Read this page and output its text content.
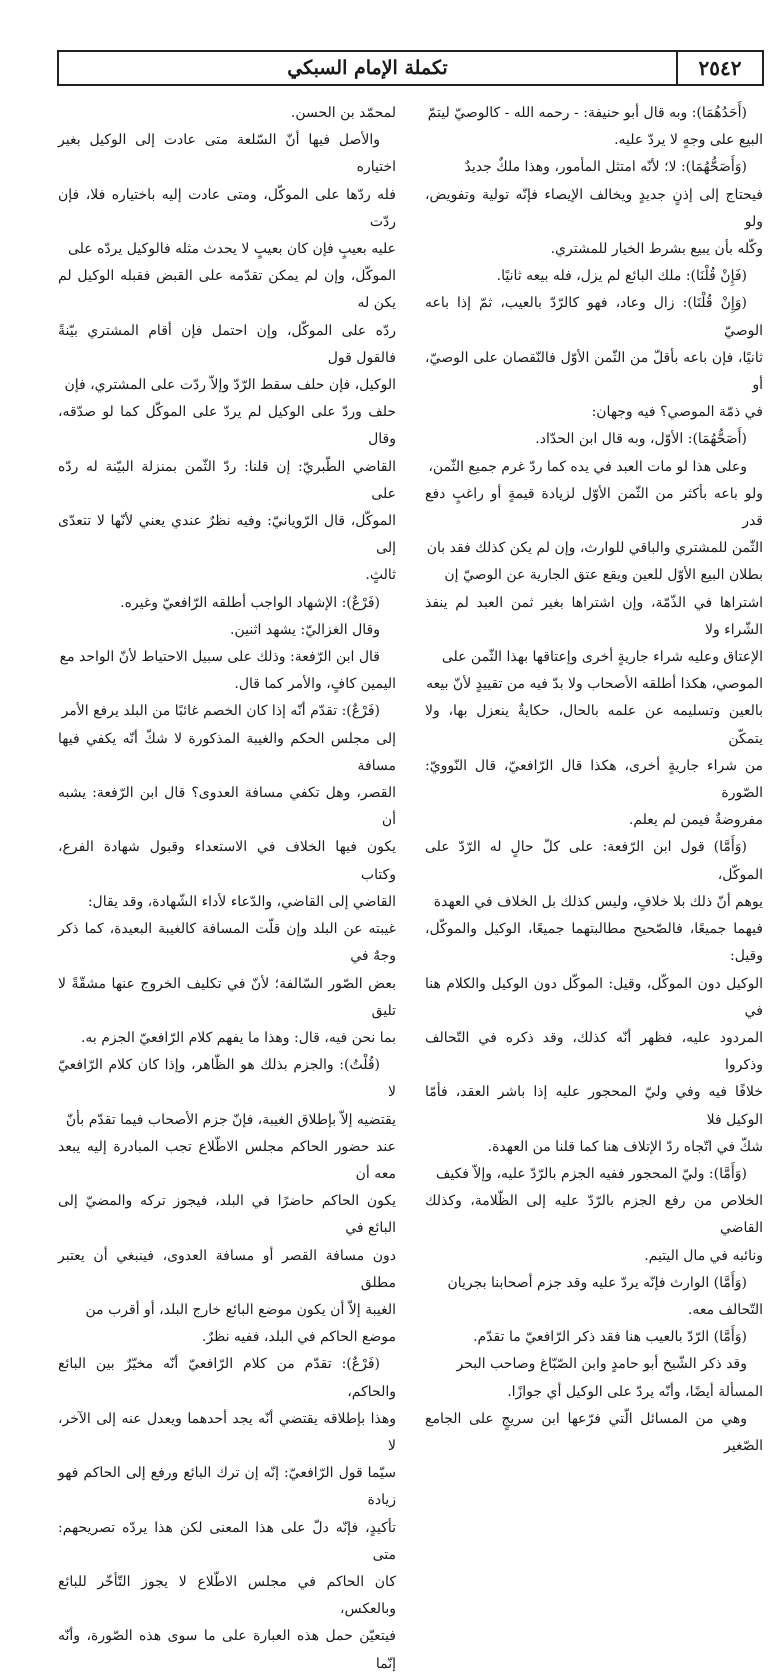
٢٥٤٢
تكملة الإمام السبكي

(أَحَدُهُمَا): وبه قال أبو حنيفة: - رحمه الله - كالوصيّ ليتمّ

البيع على وجهٍ لا يردّ عليه.

(وَأَصَحُّهُمَا): لا؛ لأنّه امتثل المأمور، وهذا ملكٌ جديدٌ

فيحتاج إلى إذنٍ جديدٍ ويخالف الإيصاء فإنّه تولية وتفويض، ولو

وكّله بأن يبيع بشرط الخيار للمشتري.

(فَإِنْ قُلْنَا): ملك البائع لم يزل، فله بيعه ثانيًا.

(وَإِنْ قُلْنَا): زال وعاد، فهو كالرّدّ بالعيب، ثمّ إذا باعه الوصيّ

ثانيًا، فإن باعه بأقلّ من الثّمن الأوّل فالنّقصان على الوصيّ، أو

في ذمّة الموصي؟ فيه وجهان:

(أَصَحُّهُمَا): الأوّل، وبه قال ابن الحدّاد.

وعلى هذا لو مات العبد في يده كما ردّ غرم جميع الثّمن،

ولو باعه بأكثر من الثّمن الأوّل لزيادة قيمةٍ أو راغبٍ دفع قدر

الثّمن للمشتري والباقي للوارث، وإن لم يكن كذلك فقد بان

بطلان البيع الأوّل للعين ويقع عتق الجارية عن الوصيّ إن

اشتراها في الذّمّة، وإن اشتراها بغير ثمن العبد لم ينفذ الشّراء ولا

الإعتاق وعليه شراء جاريةٍ أخرى وإعتاقها بهذا الثّمن على

الموصي، هكذا أطلقه الأصحاب ولا بدّ فيه من تقييدٍ لأنّ بيعه

بالعين وتسليمه عن علمه بالحال، حكايةٌ ينعزل بها، ولا يتمكّن

من شراء جاريةٍ أخرى، هكذا قال الرّافعيّ، قال النّوويّ: الصّورة

مفروضةٌ فيمن لم يعلم.

(وَأَمَّا) قول ابن الرّفعة: على كلّ حالٍ له الرّدّ على الموكّل،

يوهم أنّ ذلك بلا خلافٍ، وليس كذلك بل الخلاف في العهدة

فيهما جميعًا، فالصّحيح مطالبتهما جميعًا، الوكيل والموكّل، وقيل:

الوكيل دون الموكّل، وقيل: الموكّل دون الوكيل والكلام هنا في

المردود عليه، فظهر أنّه كذلك، وقد ذكره في التّحالف وذكروا

خلافًا فيه وفي وليّ المحجور عليه إذا باشر العقد، فأمّا الوكيل فلا

شكّ في اتّجاه ردّ الإتلاف هنا كما قلنا من العهدة.

(وَأَمَّا): وليّ المحجور ففيه الجزم بالرّدّ عليه، وإلاّ فكيف

الخلاص من رفع الجزم بالرّدّ عليه إلى الظّلامة، وكذلك القاضي

ونائبه في مال اليتيم.

(وَأَمَّا) الوارث فإنّه يردّ عليه وقد جزم أصحابنا بجريان

التّحالف معه.

(وَأَمَّا) الرّدّ بالعيب هنا فقد ذكر الرّافعيّ ما تقدّم.

وقد ذكر الشّيخ أبو حامدٍ وابن الصّبّاغ وصاحب البحر

المسألة أيضًا، وأنّه يردّ على الوكيل أي جوازًا.

وهي من المسائل الّتي فرّعها ابن سريجٍ على الجامع الصّغير

لمحمّد بن الحسن.

والأصل فيها أنّ السّلعة متى عادت إلى الوكيل بغير اختياره

فله ردّها على الموكّل، ومتى عادت إليه باختياره فلا، فإن ردّت

عليه بعيبٍ فإن كان بعيبٍ لا يحدث مثله فالوكيل يردّه على

الموكّل، وإن لم يمكن تقدّمه على القبض فقبله الوكيل لم يكن له

ردّه على الموكّل، وإن احتمل فإن أقام المشتري بيّنةً فالقول قول

الوكيل، فإن حلف سقط الرّدّ وإلاّ ردّت على المشتري، فإن

حلف وردّ على الوكيل لم يردّ على الموكّل كما لو صدّقه، وقال

القاضي الطّبريّ: إن قلنا: ردّ الثّمن بمنزلة البيّنة له ردّه على

الموكّل، قال الرّويانيّ: وفيه نظرٌ عندي يعني لأنّها لا تتعدّى إلى

ثالثٍ.

(فَرْعٌ): الإشهاد الواجب أطلقه الرّافعيّ وغيره.

وقال الغزاليّ: يشهد اثنين.

قال ابن الرّفعة: وذلك على سبيل الاحتياط لأنّ الواحد مع

اليمين كافٍ، والأمر كما قال.

(فَرْعٌ): تقدّم أنّه إذا كان الخصم غائبًا من البلد يرفع الأمر

إلى مجلس الحكم والغيبة المذكورة لا شكّ أنّه يكفي فيها مسافة

القصر، وهل تكفي مسافة العدوى؟ قال ابن الرّفعة: يشبه أن

يكون فيها الخلاف في الاستعداء وقبول شهادة الفرع، وكتاب

القاضي إلى القاضي، والدّعاء لأداء الشّهادة، وقد يقال:

غيبته عن البلد وإن قلّت المسافة كالغيبة البعيدة، كما ذكر وجهٌ في

بعض الصّور السّالفة؛ لأنّ في تكليف الخروج عنها مشقّةً لا تليق

بما نحن فيه، قال: وهذا ما يفهم كلام الرّافعيّ الجزم به.

(قُلْتُ): والجزم بذلك هو الظّاهر، وإذا كان كلام الرّافعيّ لا

يقتضيه إلاّ بإطلاق الغيبة، فإنّ جزم الأصحاب فيما تقدّم بأنّ

عند حضور الحاكم مجلس الاطّلاع تجب المبادرة إليه يبعد معه أن

يكون الحاكم حاضرًا في البلد، فيجوز تركه والمضيّ إلى البائع في

دون مسافة القصر أو مسافة العدوى، فينبغي أن يعتبر مطلق

الغيبة إلاّ أن يكون موضع البائع خارج البلد، أو أقرب من

موضع الحاكم في البلد، ففيه نظرٌ.

(فَرْعٌ): تقدّم من كلام الرّافعيّ أنّه مخيّرٌ بين البائع والحاكم،

وهذا بإطلاقه يقتضي أنّه يجد أحدهما ويعدل عنه إلى الآخر، لا

سيّما قول الرّافعيّ: إنّه إن ترك البائع ورفع إلى الحاكم فهو زيادة

تأكيدٍ، فإنّه دلّ على هذا المعنى لكن هذا يردّه تصريحهم: متى

كان الحاكم في مجلس الاطّلاع لا يجوز التّأخّر للبائع وبالعكس،

فيتعيّن حمل هذه العبارة على ما سوى هذه الصّورة، وأنّه إنّما
